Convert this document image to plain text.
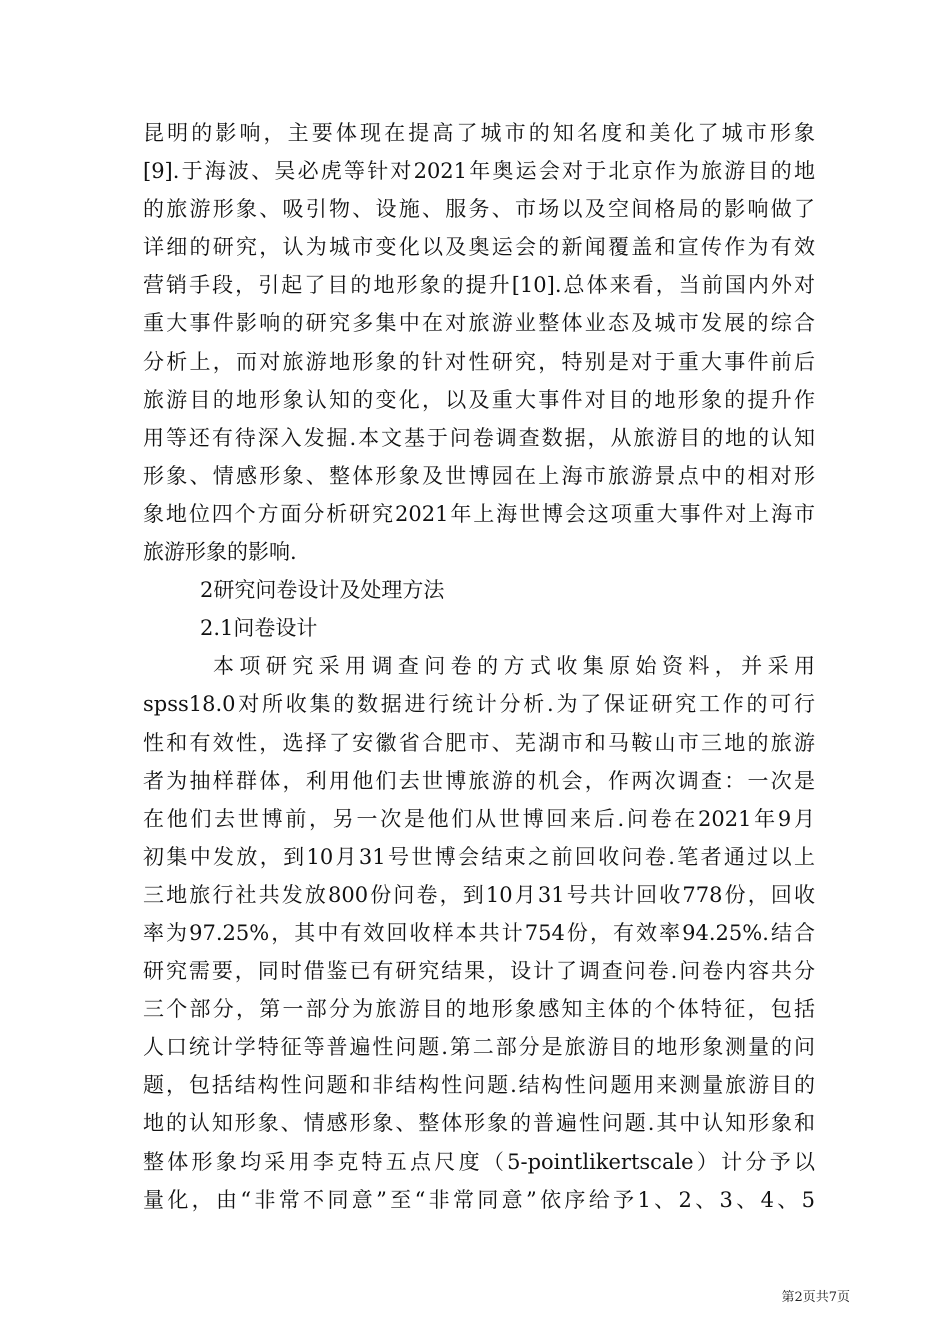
昆明的影响，主要体现在提高了城市的知名度和美化了城市形象
[9].于海波、吴必虎等针对2021年奥运会对于北京作为旅游目的地
的旅游形象、吸引物、设施、服务、市场以及空间格局的影响做了
详细的研究，认为城市变化以及奥运会的新闻覆盖和宣传作为有效
营销手段，引起了目的地形象的提升[10].总体来看，当前国内外对
重大事件影响的研究多集中在对旅游业整体业态及城市发展的综合
分析上，而对旅游地形象的针对性研究，特别是对于重大事件前后
旅游目的地形象认知的变化，以及重大事件对目的地形象的提升作
用等还有待深入发掘.本文基于问卷调查数据，从旅游目的地的认知
形象、情感形象、整体形象及世博园在上海市旅游景点中的相对形
象地位四个方面分析研究2021年上海世博会这项重大事件对上海市
旅游形象的影响.
2研究问卷设计及处理方法
2.1问卷设计
本项研究采用调查问卷的方式收集原始资料，并采用
spss18.0对所收集的数据进行统计分析.为了保证研究工作的可行
性和有效性，选择了安徽省合肥市、芜湖市和马鞍山市三地的旅游
者为抽样群体，利用他们去世博旅游的机会，作两次调查：一次是
在他们去世博前，另一次是他们从世博回来后.问卷在2021年9月
初集中发放，到10月31号世博会结束之前回收问卷.笔者通过以上
三地旅行社共发放800份问卷，到10月31号共计回收778份，回收
率为97.25%，其中有效回收样本共计754份，有效率94.25%.结合
研究需要，同时借鉴已有研究结果，设计了调查问卷.问卷内容共分
三个部分，第一部分为旅游目的地形象感知主体的个体特征，包括
人口统计学特征等普遍性问题.第二部分是旅游目的地形象测量的问
题，包括结构性问题和非结构性问题.结构性问题用来测量旅游目的
地的认知形象、情感形象、整体形象的普遍性问题.其中认知形象和
整体形象均采用李克特五点尺度（5-pointlikertscale）计分予以
量化，由“非常不同意”至“非常同意”依序给予1、2、3、4、5
第2页共7页
